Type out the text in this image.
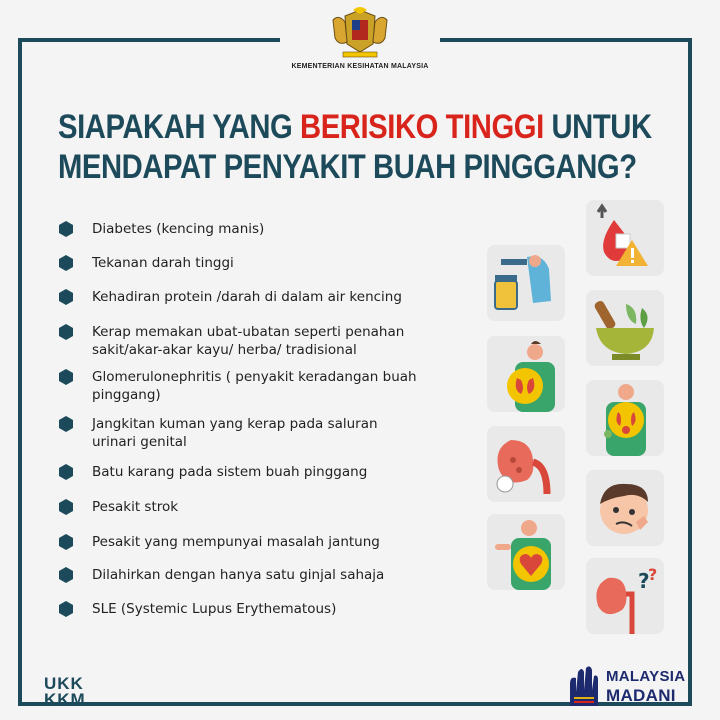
KEMENTERIAN KESIHATAN MALAYSIA
SIAPAKAH YANG BERISIKO TINGGI UNTUK
MENDAPAT PENYAKIT BUAH PINGGANG?
Diabetes (kencing manis)
Tekanan darah tinggi
Kehadiran protein /darah di dalam air kencing
Kerap memakan ubat-ubatan seperti penahan sakit/akar-akar kayu/ herba/ tradisional
Glomerulonephritis ( penyakit keradangan buah pinggang)
Jangkitan kuman yang kerap pada saluran urinari genital
Batu karang pada sistem buah pinggang
Pesakit strok
Pesakit yang mempunyai masalah jantung
Dilahirkan dengan hanya satu ginjal sahaja
SLE (Systemic Lupus Erythematous)
?
?
UKK
KKM
MALAYSIA
MADANI
